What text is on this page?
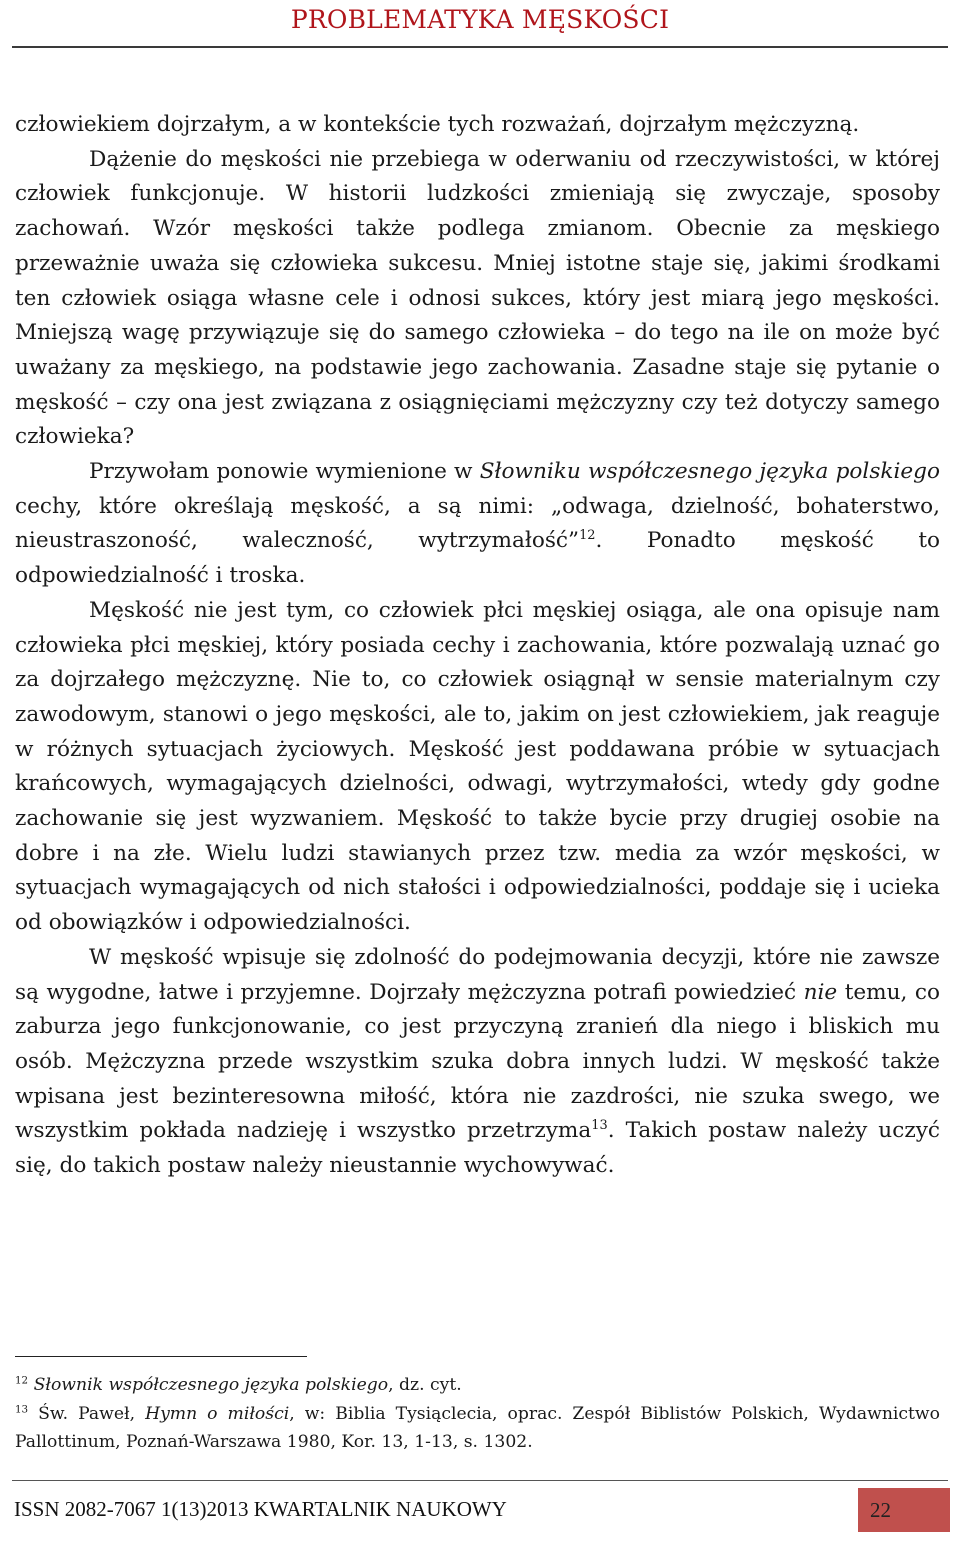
PROBLEMATYKA MĘSKOŚCI

człowiekiem dojrzałym, a w kontekście tych rozważań, dojrzałym mężczyzną.

Dążenie do męskości nie przebiega w oderwaniu od rzeczywistości, w której człowiek funkcjonuje. W historii ludzkości zmieniają się zwyczaje, sposoby zachowań. Wzór męskości także podlega zmianom. Obecnie za męskiego przeważnie uważa się człowieka sukcesu. Mniej istotne staje się, jakimi środkami ten człowiek osiąga własne cele i odnosi sukces, który jest miarą jego męskości. Mniejszą wagę przywiązuje się do samego człowieka – do tego na ile on może być uważany za męskiego, na podstawie jego zachowania. Zasadne staje się pytanie o męskość – czy ona jest związana z osiągnięciami mężczyzny czy też dotyczy samego człowieka?

Przywołam ponowie wymienione w Słowniku współczesnego języka polskiego cechy, które określają męskość, a są nimi: „odwaga, dzielność, bohaterstwo, nieustraszoność, waleczność, wytrzymałość”$^{12}$. Ponadto męskość to odpowiedzialność i troska.

Męskość nie jest tym, co człowiek płci męskiej osiąga, ale ona opisuje nam człowieka płci męskiej, który posiada cechy i zachowania, które pozwalają uznać go za dojrzałego mężczyznę. Nie to, co człowiek osiągnął w sensie materialnym czy zawodowym, stanowi o jego męskości, ale to, jakim on jest człowiekiem, jak reaguje w różnych sytuacjach życiowych. Męskość jest poddawana próbie w sytuacjach krańcowych, wymagających dzielności, odwagi, wytrzymałości, wtedy gdy godne zachowanie się jest wyzwaniem. Męskość to także bycie przy drugiej osobie na dobre i na złe. Wielu ludzi stawianych przez tzw. media za wzór męskości, w sytuacjach wymagających od nich stałości i odpowiedzialności, poddaje się i ucieka od obowiązków i odpowiedzialności.

W męskość wpisuje się zdolność do podejmowania decyzji, które nie zawsze są wygodne, łatwe i przyjemne. Dojrzały mężczyzna potrafi powiedzieć nie temu, co zaburza jego funkcjonowanie, co jest przyczyną zranień dla niego i bliskich mu osób. Mężczyzna przede wszystkim szuka dobra innych ludzi. W męskość także wpisana jest bezinteresowna miłość, która nie zazdrości, nie szuka swego, we wszystkim pokłada nadzieję i wszystko przetrzyma$^{13}$. Takich postaw należy uczyć się, do takich postaw należy nieustannie wychowywać.

$^{12}$ Słownik współczesnego języka polskiego, dz. cyt.

$^{13}$ Św. Paweł, Hymn o miłości, w: Biblia Tysiąclecia, oprac. Zespół Biblistów Polskich, Wydawnictwo Pallottinum, Poznań-Warszawa 1980, Kor. 13, 1-13, s. 1302.

ISSN 2082-7067 1(13)2013 KWARTALNIK NAUKOWY	22
